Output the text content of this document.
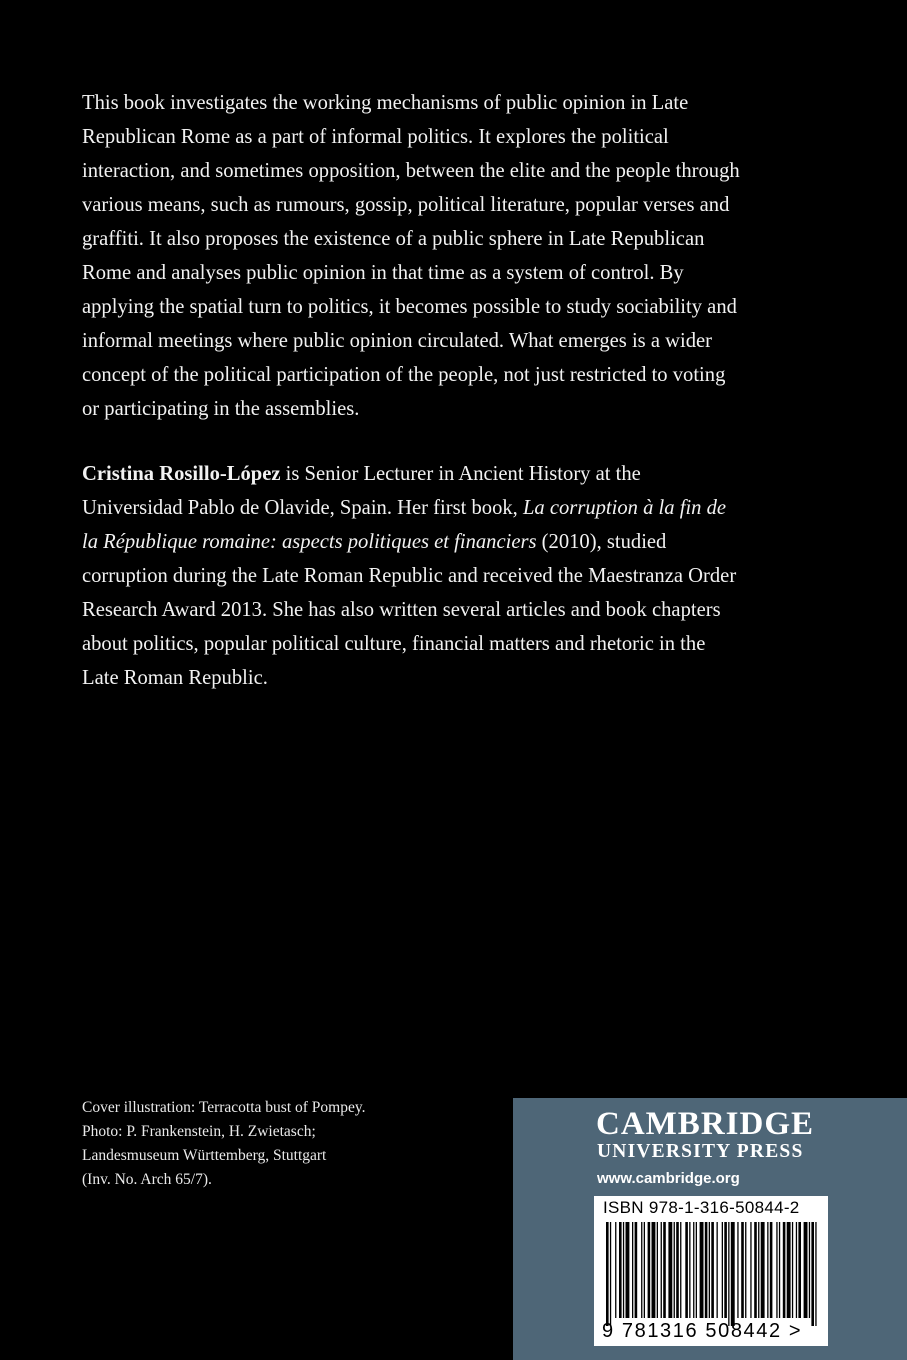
This book investigates the working mechanisms of public opinion in Late Republican Rome as a part of informal politics. It explores the political interaction, and sometimes opposition, between the elite and the people through various means, such as rumours, gossip, political literature, popular verses and graffiti. It also proposes the existence of a public sphere in Late Republican Rome and analyses public opinion in that time as a system of control. By applying the spatial turn to politics, it becomes possible to study sociability and informal meetings where public opinion circulated. What emerges is a wider concept of the political participation of the people, not just restricted to voting or participating in the assemblies.

Cristina Rosillo-López is Senior Lecturer in Ancient History at the Universidad Pablo de Olavide, Spain. Her first book, La corruption à la fin de la République romaine: aspects politiques et financiers (2010), studied corruption during the Late Roman Republic and received the Maestranza Order Research Award 2013. She has also written several articles and book chapters about politics, popular political culture, financial matters and rhetoric in the Late Roman Republic.

Cover illustration: Terracotta bust of Pompey.
Photo: P. Frankenstein, H. Zwietasch;
Landesmuseum Württemberg, Stuttgart
(Inv. No. Arch 65/7).
CAMBRIDGE
UNIVERSITY PRESS
www.cambridge.org
ISBN 978-1-316-50844-2
9 781316 508442 >
